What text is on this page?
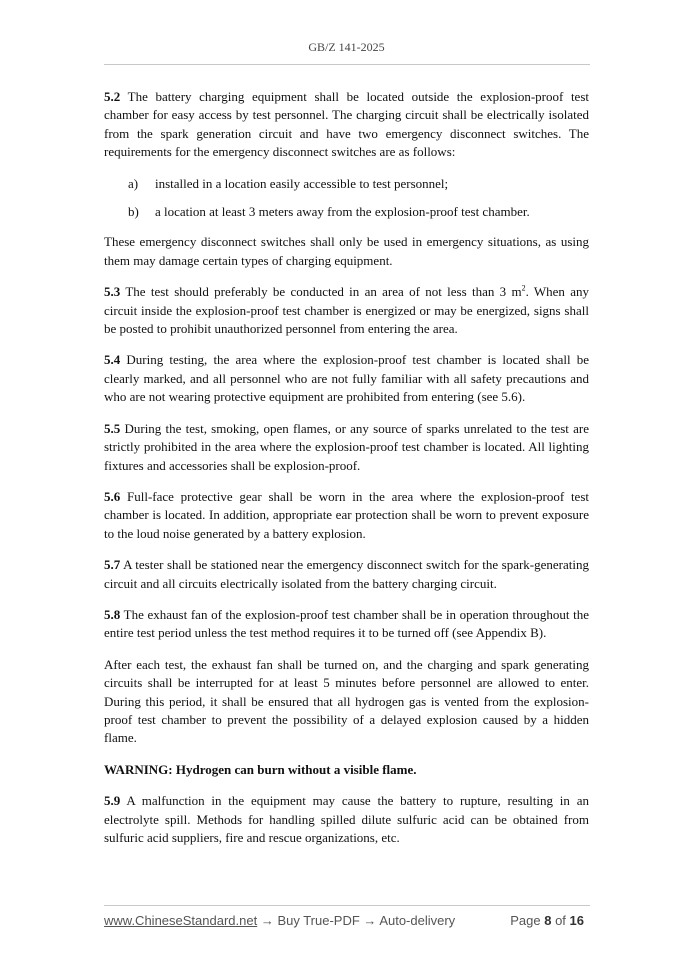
GB/Z 141-2025

5.2 The battery charging equipment shall be located outside the explosion-proof test chamber for easy access by test personnel. The charging circuit shall be electrically isolated from the spark generation circuit and have two emergency disconnect switches. The requirements for the emergency disconnect switches are as follows:

a)	installed in a location easily accessible to test personnel;
b)	a location at least 3 meters away from the explosion-proof test chamber.

These emergency disconnect switches shall only be used in emergency situations, as using them may damage certain types of charging equipment.

5.3 The test should preferably be conducted in an area of not less than 3 $m^2$. When any circuit inside the explosion-proof test chamber is energized or may be energized, signs shall be posted to prohibit unauthorized personnel from entering the area.

5.4 During testing, the area where the explosion-proof test chamber is located shall be clearly marked, and all personnel who are not fully familiar with all safety precautions and who are not wearing protective equipment are prohibited from entering (see 5.6).

5.5 During the test, smoking, open flames, or any source of sparks unrelated to the test are strictly prohibited in the area where the explosion-proof test chamber is located. All lighting fixtures and accessories shall be explosion-proof.

5.6 Full-face protective gear shall be worn in the area where the explosion-proof test chamber is located. In addition, appropriate ear protection shall be worn to prevent exposure to the loud noise generated by a battery explosion.

5.7 A tester shall be stationed near the emergency disconnect switch for the spark-generating circuit and all circuits electrically isolated from the battery charging circuit.

5.8 The exhaust fan of the explosion-proof test chamber shall be in operation throughout the entire test period unless the test method requires it to be turned off (see Appendix B).

After each test, the exhaust fan shall be turned on, and the charging and spark generating circuits shall be interrupted for at least 5 minutes before personnel are allowed to enter. During this period, it shall be ensured that all hydrogen gas is vented from the explosion-proof test chamber to prevent the possibility of a delayed explosion caused by a hidden flame.

WARNING: Hydrogen can burn without a visible flame.

5.9 A malfunction in the equipment may cause the battery to rupture, resulting in an electrolyte spill. Methods for handling spilled dilute sulfuric acid can be obtained from sulfuric acid suppliers, fire and rescue organizations, etc.

www.ChineseStandard.net → Buy True-PDF → Auto-delivery	Page 8 of 16
